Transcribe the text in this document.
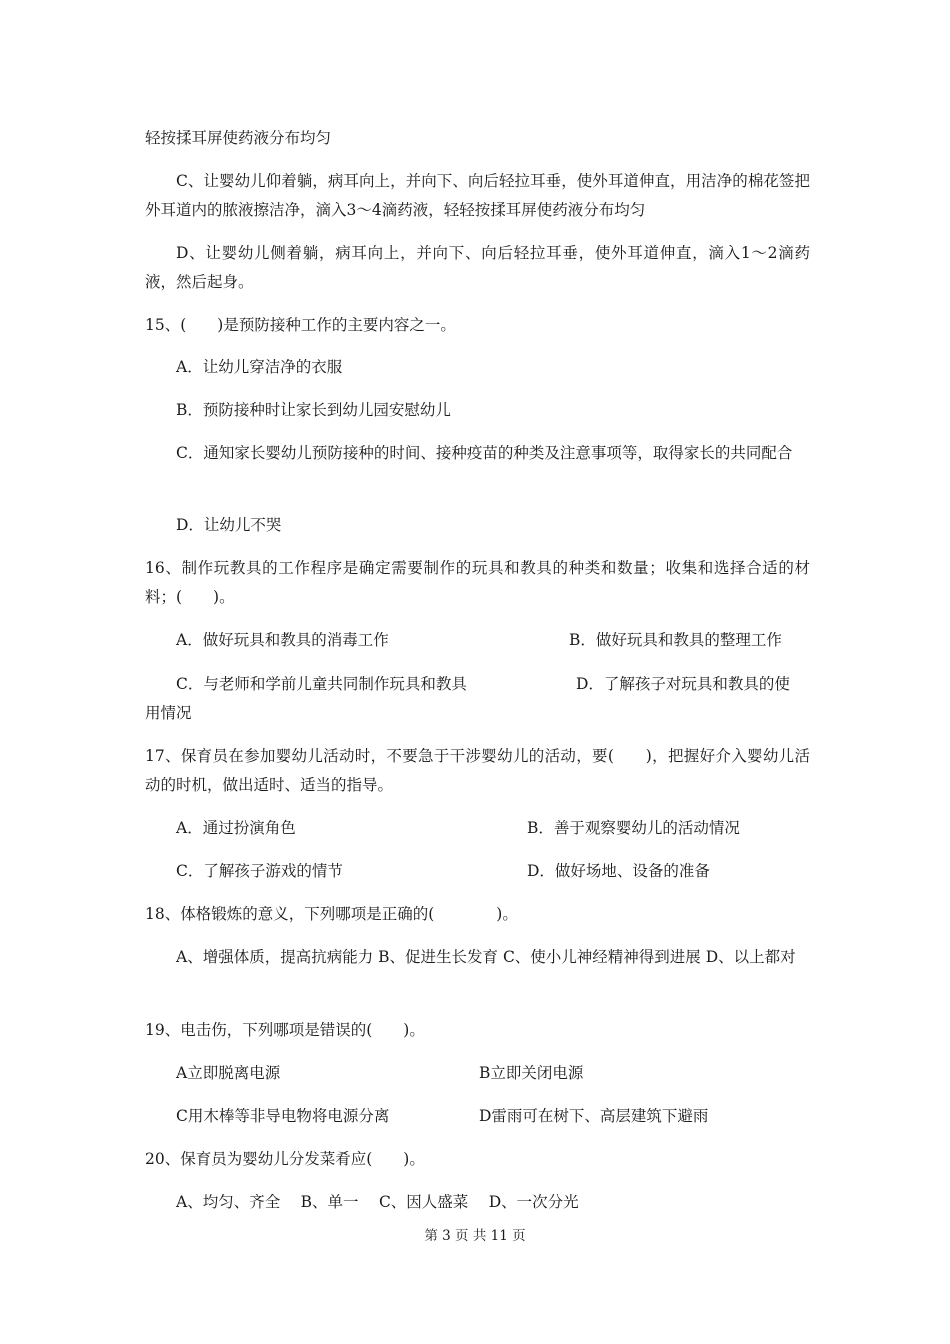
轻按揉耳屏使药液分布均匀
C、让婴幼儿仰着躺，病耳向上，并向下、向后轻拉耳垂，使外耳道伸直，用洁净的棉花签把外耳道内的脓液擦洁净，滴入3～4滴药液，轻轻按揉耳屏使药液分布均匀
D、让婴幼儿侧着躺，病耳向上，并向下、向后轻拉耳垂，使外耳道伸直，滴入1～2滴药液，然后起身。
15、(　　)是预防接种工作的主要内容之一。
A．让幼儿穿洁净的衣服
B．预防接种时让家长到幼儿园安慰幼儿
C．通知家长婴幼儿预防接种的时间、接种疫苗的种类及注意事项等，取得家长的共同配合
D．让幼儿不哭
16、制作玩教具的工作程序是确定需要制作的玩具和教具的种类和数量；收集和选择合适的材料；(　　)。
A．做好玩具和教具的消毒工作	B．做好玩具和教具的整理工作
C．与老师和学前儿童共同制作玩具和教具	D．了解孩子对玩具和教具的使
用情况
17、保育员在参加婴幼儿活动时，不要急于干涉婴幼儿的活动，要(　　)，把握好介入婴幼儿活动的时机，做出适时、适当的指导。
A．通过扮演角色	B．善于观察婴幼儿的活动情况
C．了解孩子游戏的情节	D．做好场地、设备的准备
18、体格锻炼的意义，下列哪项是正确的(　　　　)。
A、增强体质，提高抗病能力 B、促进生长发育 C、使小儿神经精神得到进展 D、以上都对
19、电击伤，下列哪项是错误的(　　)。
A立即脱离电源	B立即关闭电源
C用木棒等非导电物将电源分离	D雷雨可在树下、高层建筑下避雨
20、保育员为婴幼儿分发菜肴应(　　)。
A、均匀、齐全　 B、单一　 C、因人盛菜　 D、一次分光
第 3 页 共 11 页
